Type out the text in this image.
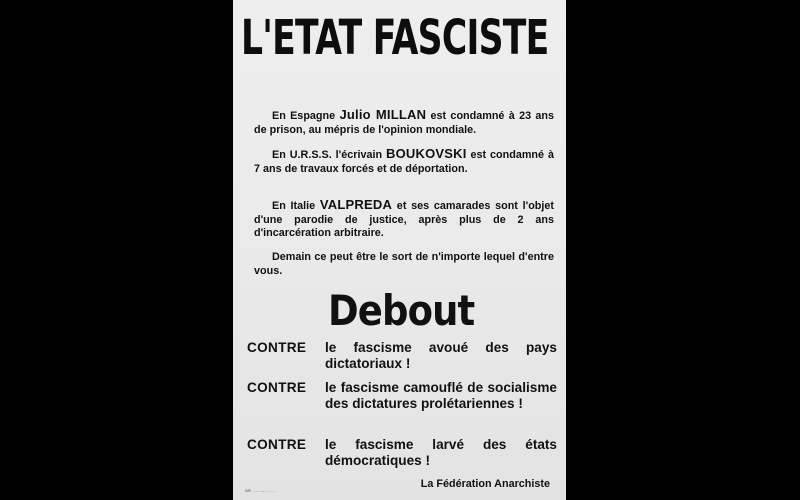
L'ETAT FASCISTE
En Espagne Julio MILLAN est condamné à 23 ans de prison, au mépris de l'opinion mondiale.
En U.R.S.S. l'écrivain BOUKOVSKI est condamné à 7 ans de travaux forcés et de déportation.
En Italie VALPREDA et ses camarades sont l'objet d'une parodie de justice, après plus de 2 ans d'incarcération arbitraire.
Demain ce peut être le sort de n'importe lequel d'entre vous.
Debout
CONTRE	le fascisme avoué des pays dictatoriaux !
CONTRE	le fascisme camouflé de socialisme des dictatures prolétariennes !
CONTRE	le fascisme larvé des états démocratiques !
La Fédération Anarchiste
IMP. ........ — .........
